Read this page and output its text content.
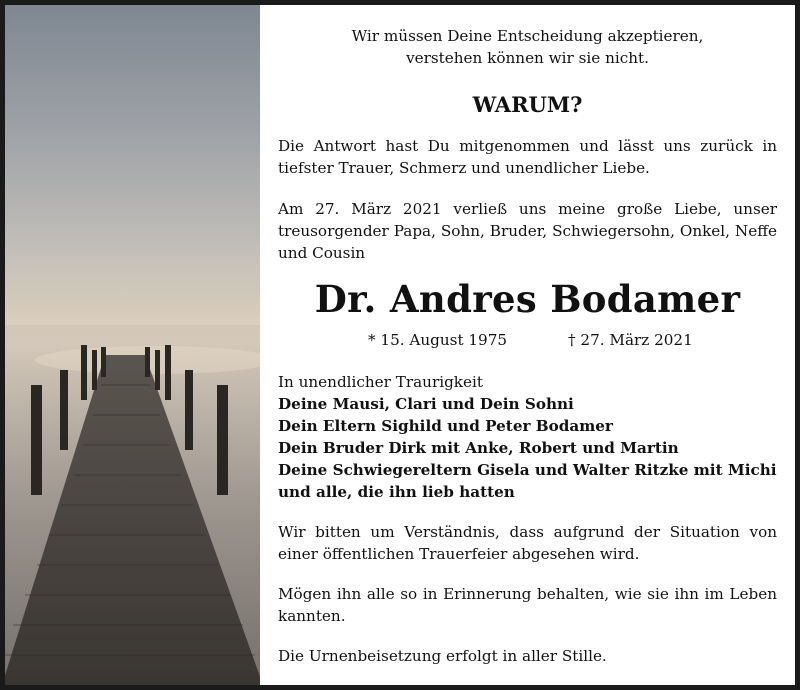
Wir müssen Deine Entscheidung akzeptieren,
verstehen können wir sie nicht.
WARUM?
Die Antwort hast Du mitgenommen und lässt uns zurück in tiefster Trauer, Schmerz und unendlicher Liebe.
Am 27. März 2021 verließ uns meine große Liebe, unser treusorgender Papa, Sohn, Bruder, Schwiegersohn, Onkel, Neffe und Cousin
Dr. Andres Bodamer
* 15. August 1975	† 27. März 2021
In unendlicher Traurigkeit
Deine Mausi, Clari und Dein Sohni
Dein Eltern Sighild und Peter Bodamer
Dein Bruder Dirk mit Anke, Robert und Martin
Deine Schwiegereltern Gisela und Walter Ritzke mit Michi
und alle, die ihn lieb hatten
Wir bitten um Verständnis, dass aufgrund der Situation von einer öffentlichen Trauerfeier abgesehen wird.
Mögen ihn alle so in Erinnerung behalten, wie sie ihn im Leben kannten.
Die Urnenbeisetzung erfolgt in aller Stille.
